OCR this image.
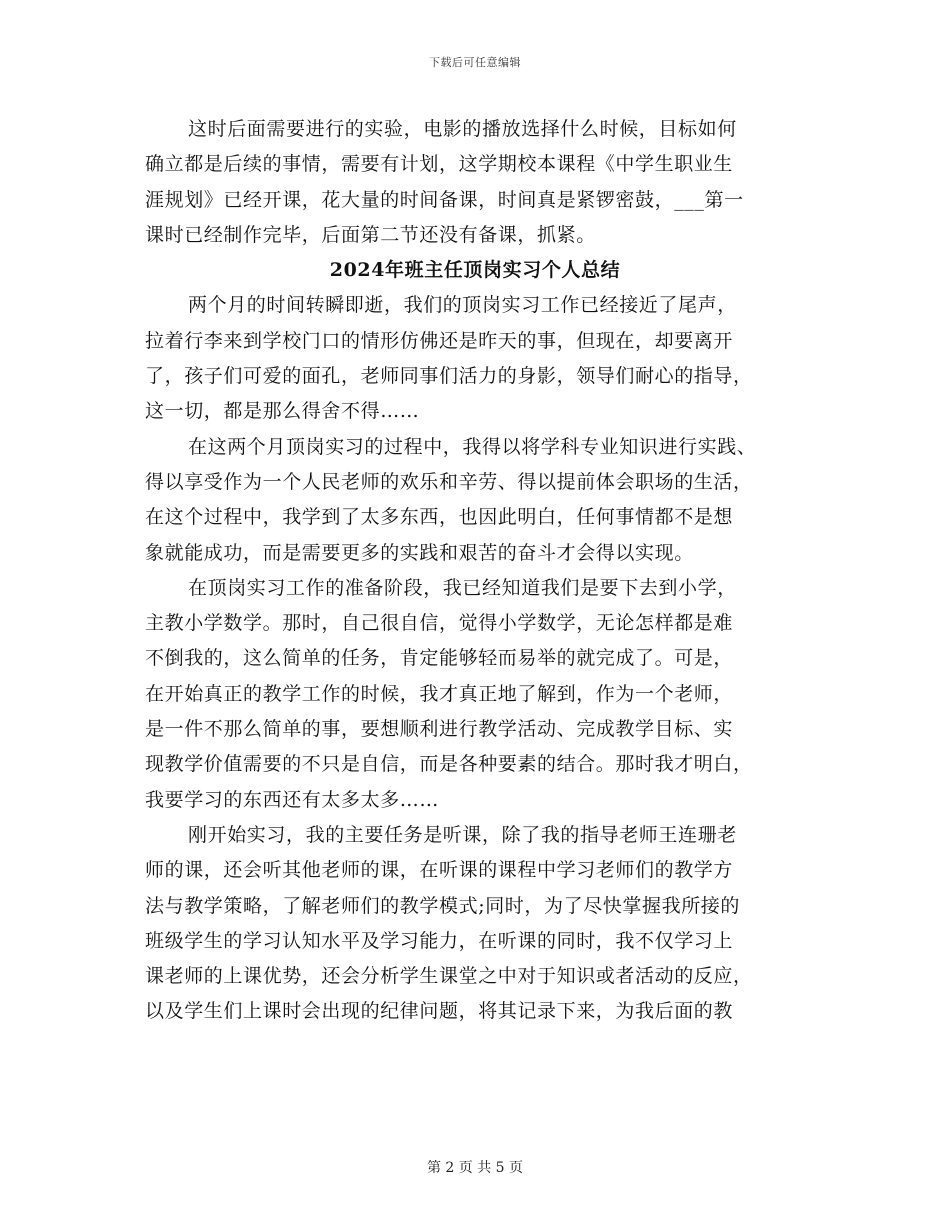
下载后可任意编辑
这时后面需要进行的实验，电影的播放选择什么时候，目标如何
确立都是后续的事情，需要有计划，这学期校本课程《中学生职业生
涯规划》已经开课，花大量的时间备课，时间真是紧锣密鼓，___第一
课时已经制作完毕，后面第二节还没有备课，抓紧。
2024年班主任顶岗实习个人总结
两个月的时间转瞬即逝，我们的顶岗实习工作已经接近了尾声，
拉着行李来到学校门口的情形仿佛还是昨天的事，但现在，却要离开
了，孩子们可爱的面孔，老师同事们活力的身影，领导们耐心的指导，
这一切，都是那么得舍不得……
在这两个月顶岗实习的过程中，我得以将学科专业知识进行实践、
得以享受作为一个人民老师的欢乐和辛劳、得以提前体会职场的生活，
在这个过程中，我学到了太多东西，也因此明白，任何事情都不是想
象就能成功，而是需要更多的实践和艰苦的奋斗才会得以实现。
在顶岗实习工作的准备阶段，我已经知道我们是要下去到小学，
主教小学数学。那时，自己很自信，觉得小学数学，无论怎样都是难
不倒我的，这么简单的任务，肯定能够轻而易举的就完成了。可是，
在开始真正的教学工作的时候，我才真正地了解到，作为一个老师，
是一件不那么简单的事，要想顺利进行教学活动、完成教学目标、实
现教学价值需要的不只是自信，而是各种要素的结合。那时我才明白，
我要学习的东西还有太多太多……
刚开始实习，我的主要任务是听课，除了我的指导老师王连珊老
师的课，还会听其他老师的课，在听课的课程中学习老师们的教学方
法与教学策略，了解老师们的教学模式;同时，为了尽快掌握我所接的
班级学生的学习认知水平及学习能力，在听课的同时，我不仅学习上
课老师的上课优势，还会分析学生课堂之中对于知识或者活动的反应，
以及学生们上课时会出现的纪律问题，将其记录下来，为我后面的教
第 2 页 共 5 页
